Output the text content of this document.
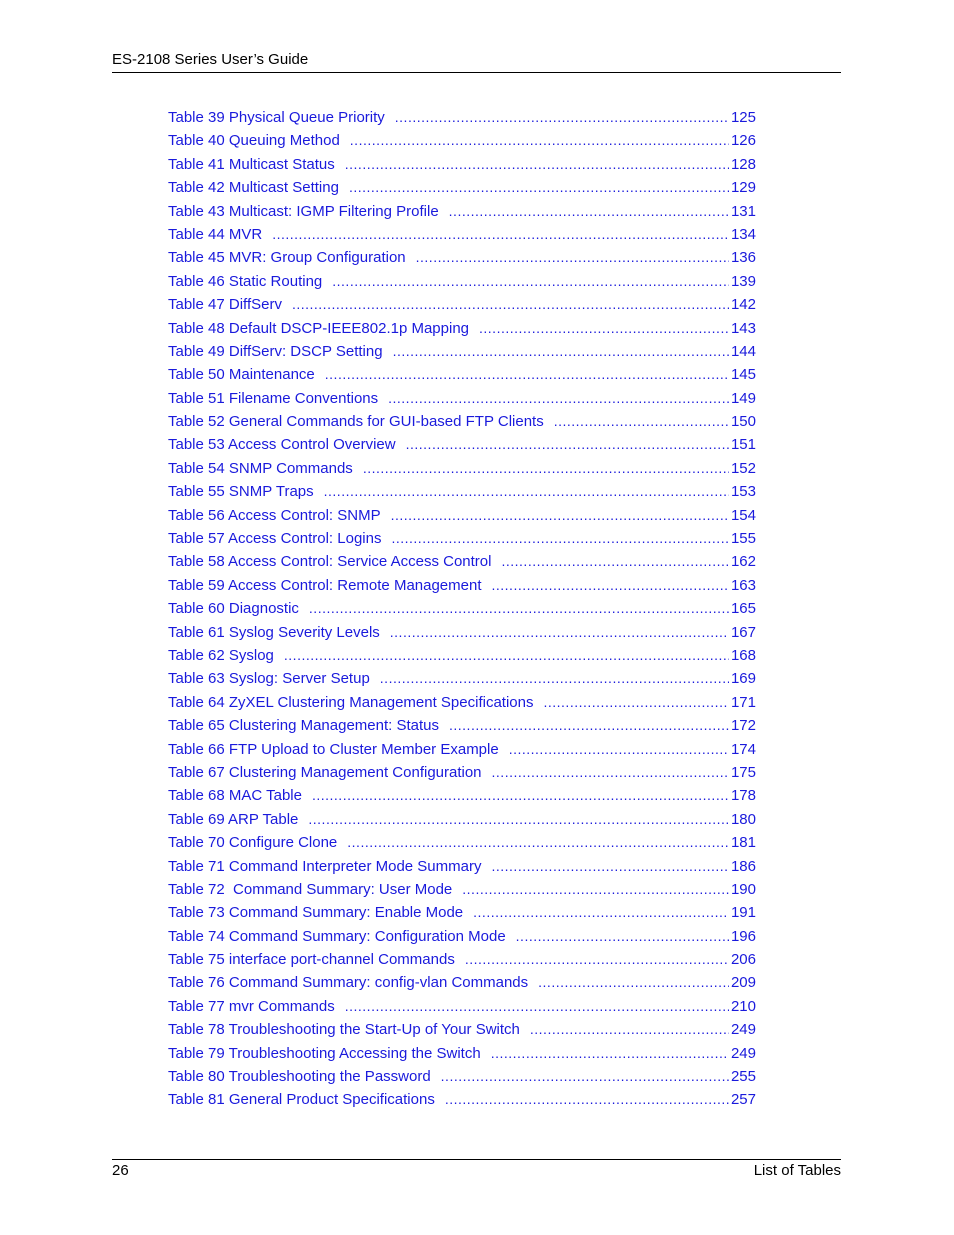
ES-2108 Series User’s Guide
Table 39 Physical Queue Priority .....	125
Table 40 Queuing Method .....	126
Table 41 Multicast Status .....	128
Table 42 Multicast Setting .....	129
Table 43 Multicast: IGMP Filtering Profile .....	131
Table 44 MVR .....	134
Table 45 MVR: Group Configuration .....	136
Table 46 Static Routing .....	139
Table 47 DiffServ .....	142
Table 48 Default DSCP-IEEE802.1p Mapping .....	143
Table 49 DiffServ: DSCP Setting .....	144
Table 50 Maintenance .....	145
Table 51 Filename Conventions .....	149
Table 52 General Commands for GUI-based FTP Clients .....	150
Table 53 Access Control Overview .....	151
Table 54 SNMP Commands .....	152
Table 55 SNMP Traps .....	153
Table 56 Access Control: SNMP .....	154
Table 57 Access Control: Logins .....	155
Table 58 Access Control: Service Access Control .....	162
Table 59 Access Control: Remote Management .....	163
Table 60 Diagnostic .....	165
Table 61 Syslog Severity Levels .....	167
Table 62 Syslog .....	168
Table 63 Syslog: Server Setup .....	169
Table 64 ZyXEL Clustering Management Specifications .....	171
Table 65 Clustering Management: Status .....	172
Table 66 FTP Upload to Cluster Member Example .....	174
Table 67 Clustering Management Configuration .....	175
Table 68 MAC Table .....	178
Table 69 ARP Table .....	180
Table 70 Configure Clone .....	181
Table 71 Command Interpreter Mode Summary .....	186
Table 72  Command Summary: User Mode .....	190
Table 73 Command Summary: Enable Mode .....	191
Table 74 Command Summary: Configuration Mode .....	196
Table 75 interface port-channel Commands .....	206
Table 76 Command Summary: config-vlan Commands .....	209
Table 77 mvr Commands .....	210
Table 78 Troubleshooting the Start-Up of Your Switch .....	249
Table 79 Troubleshooting Accessing the Switch .....	249
Table 80 Troubleshooting the Password .....	255
Table 81 General Product Specifications .....	257
26	List of Tables
